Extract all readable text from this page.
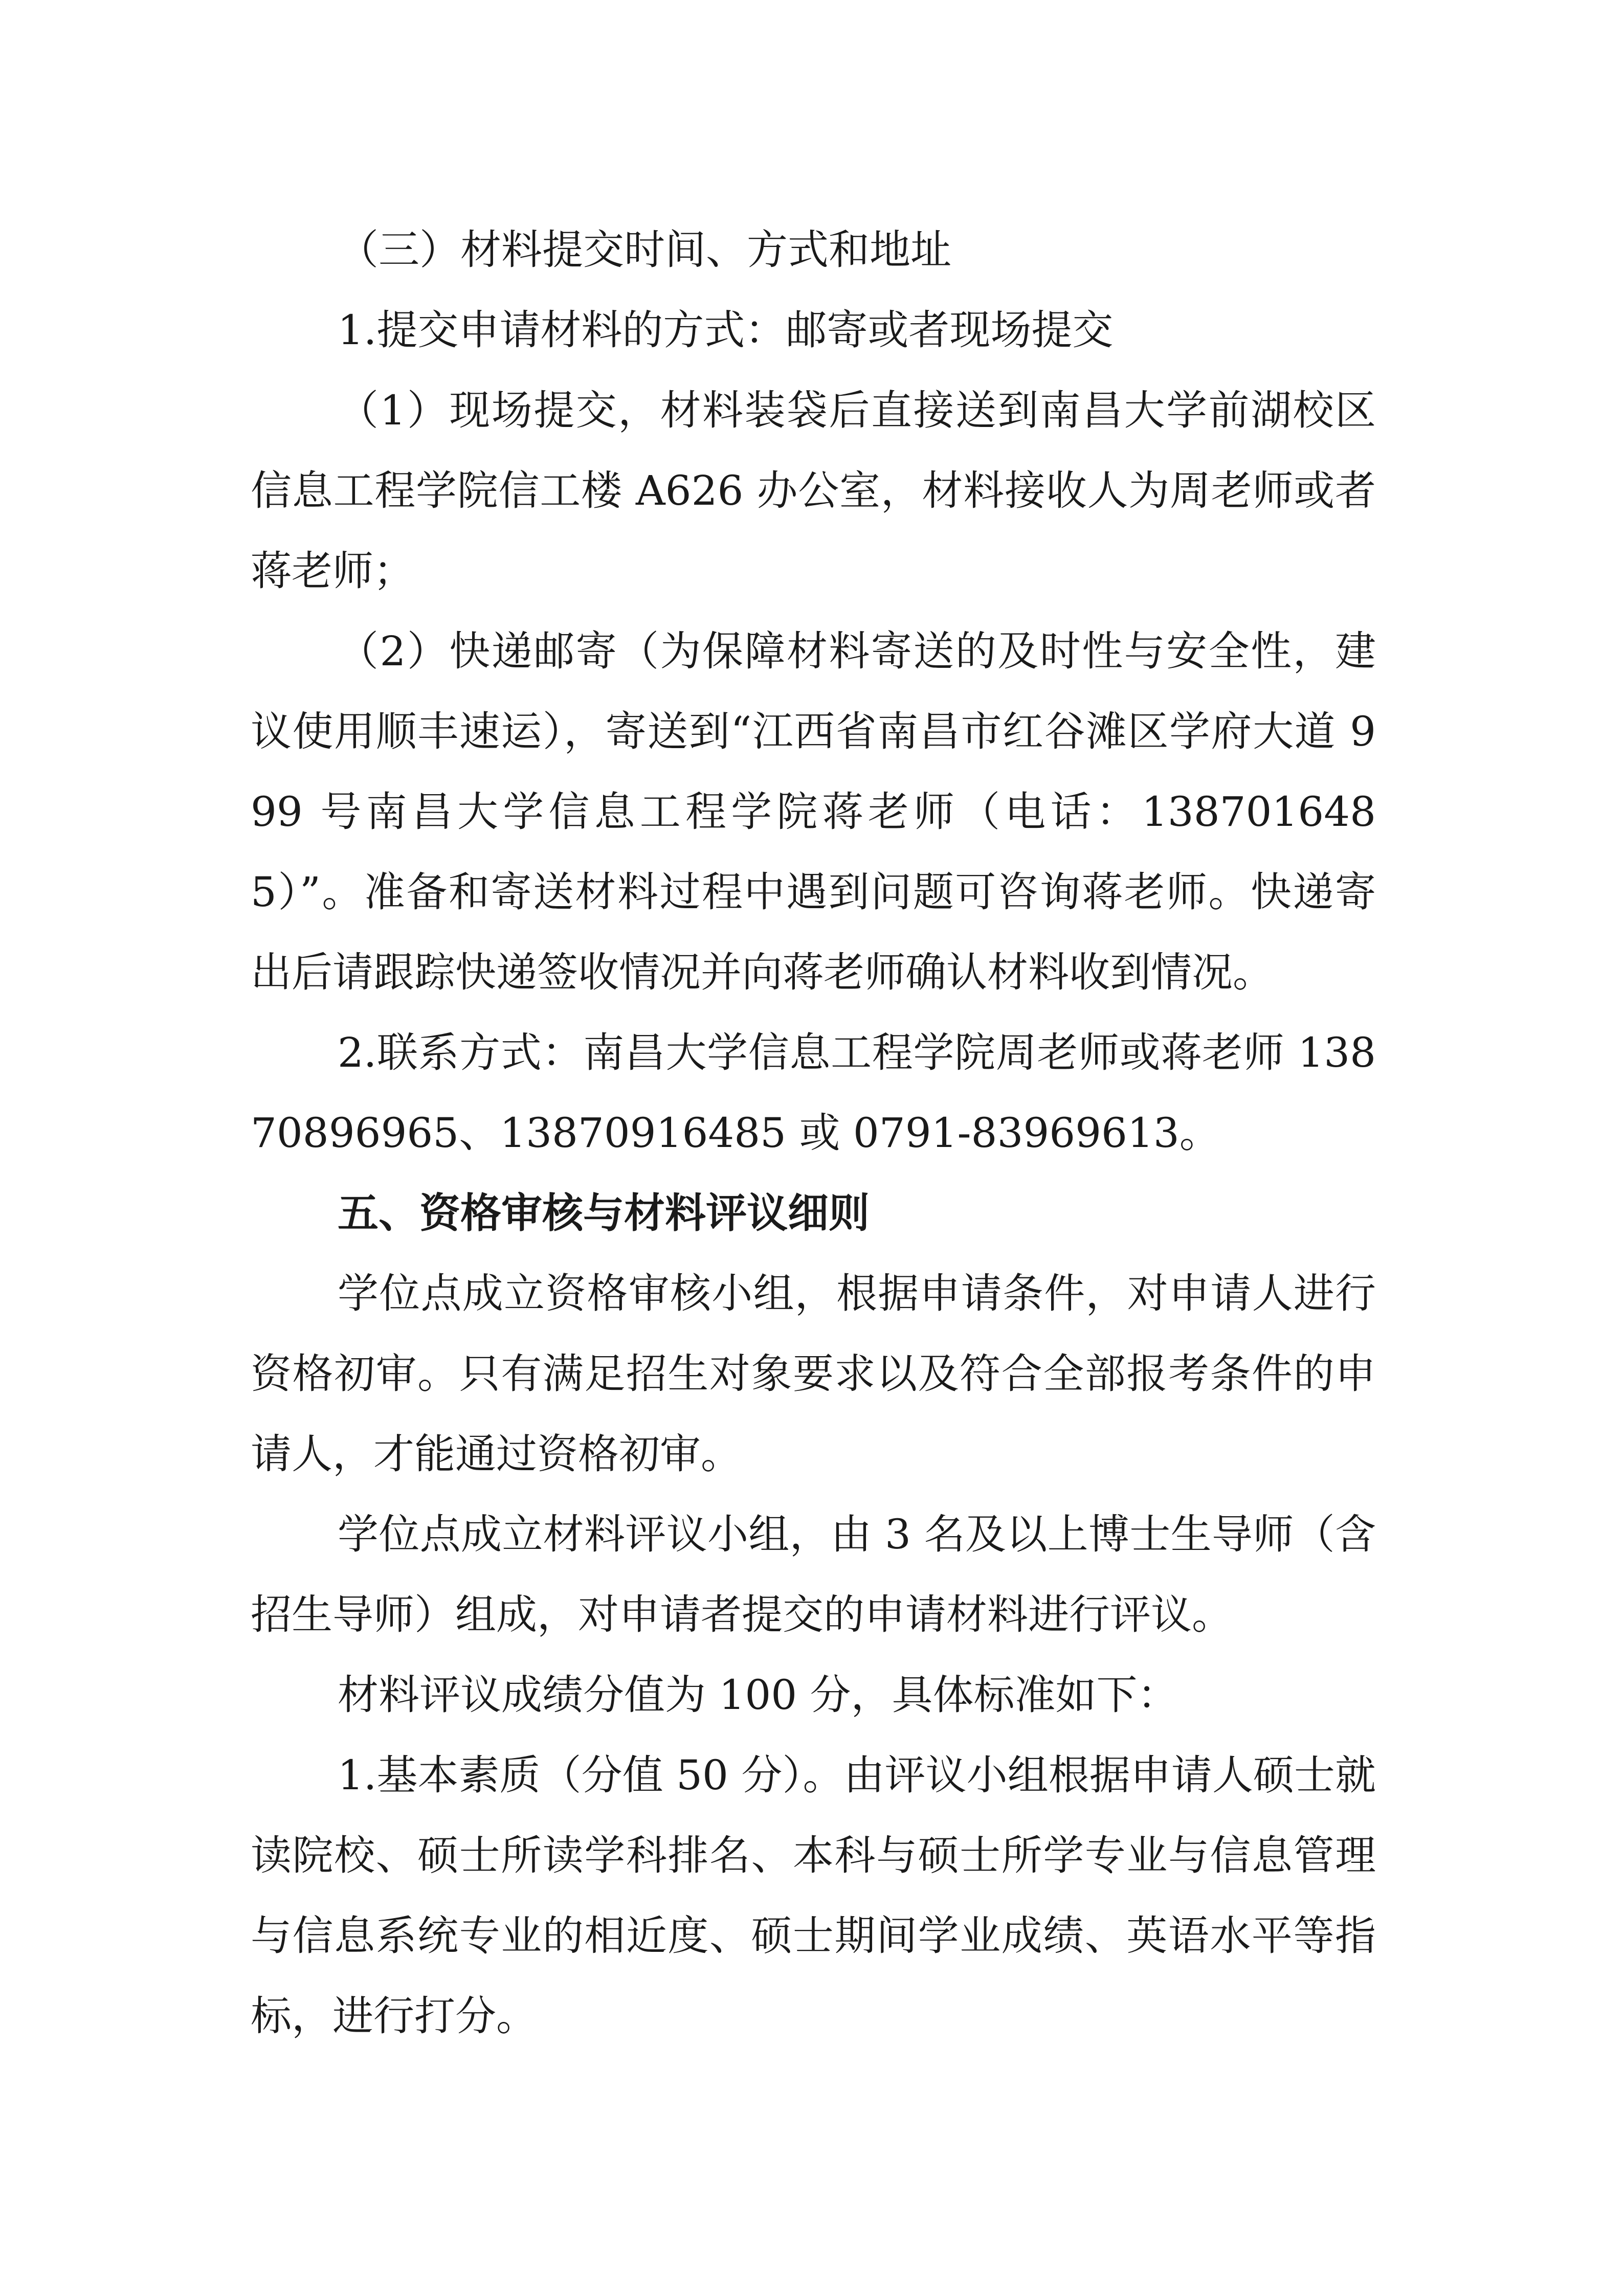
（三）材料提交时间、方式和地址

1.提交申请材料的方式：邮寄或者现场提交

（1）现场提交，材料装袋后直接送到南昌大学前湖校区信息工程学院信工楼 A626 办公室，材料接收人为周老师或者蒋老师；

（2）快递邮寄（为保障材料寄送的及时性与安全性，建议使用顺丰速运），寄送到“江西省南昌市红谷滩区学府大道 999 号南昌大学信息工程学院蒋老师（电话：1387016485）”。准备和寄送材料过程中遇到问题可咨询蒋老师。快递寄出后请跟踪快递签收情况并向蒋老师确认材料收到情况。

2.联系方式：南昌大学信息工程学院周老师或蒋老师 13870896965、13870916485 或 0791-83969613。

五、资格审核与材料评议细则

学位点成立资格审核小组，根据申请条件，对申请人进行资格初审。只有满足招生对象要求以及符合全部报考条件的申请人，才能通过资格初审。

学位点成立材料评议小组，由 3 名及以上博士生导师（含招生导师）组成，对申请者提交的申请材料进行评议。

材料评议成绩分值为 100 分，具体标准如下：

1.基本素质（分值 50 分）。由评议小组根据申请人硕士就读院校、硕士所读学科排名、本科与硕士所学专业与信息管理与信息系统专业的相近度、硕士期间学业成绩、英语水平等指标，进行打分。
